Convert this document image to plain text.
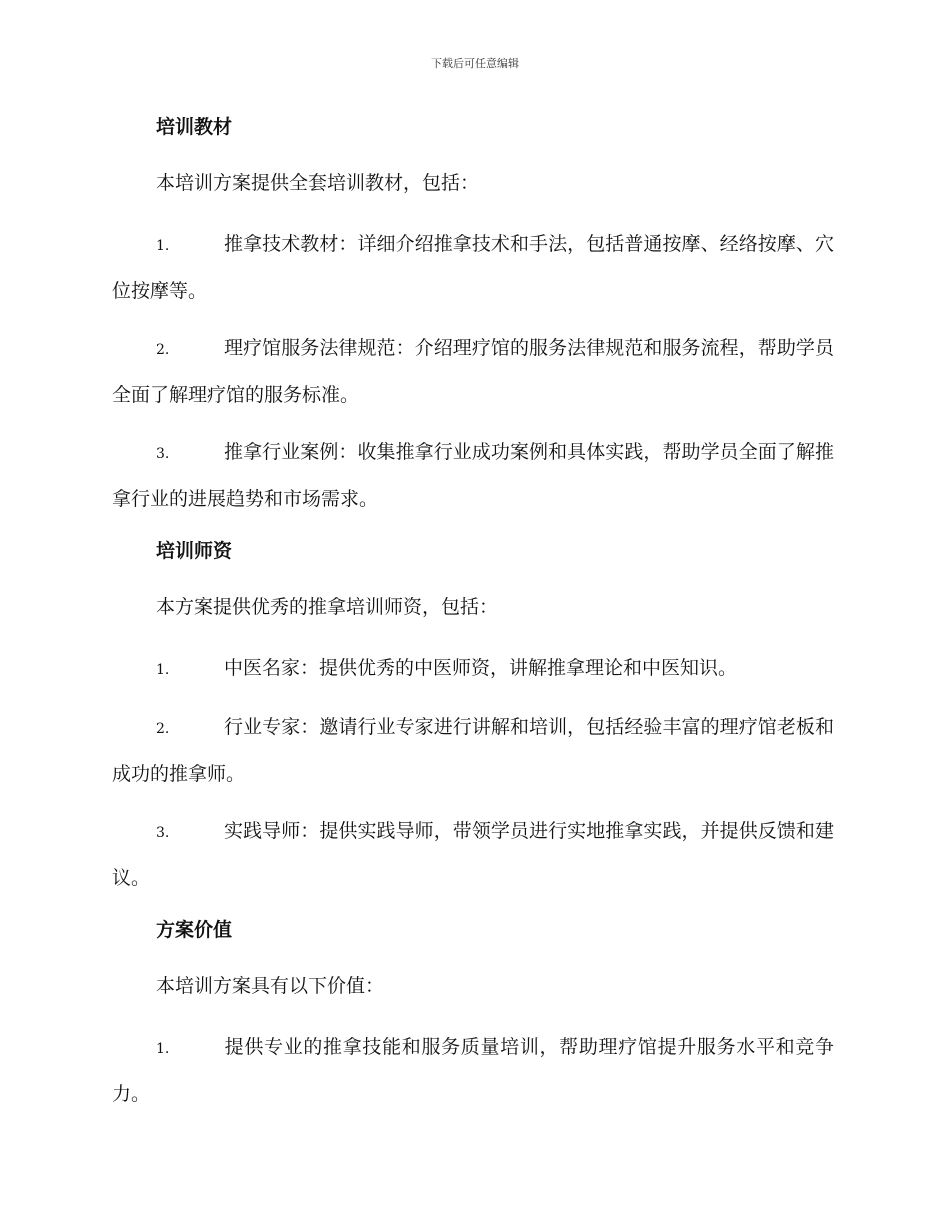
下载后可任意编辑
培训教材
本培训方案提供全套培训教材，包括：
1.	推拿技术教材：详细介绍推拿技术和手法，包括普通按摩、经络按摩、穴位按摩等。
2.	理疗馆服务法律规范：介绍理疗馆的服务法律规范和服务流程，帮助学员全面了解理疗馆的服务标准。
3.	推拿行业案例：收集推拿行业成功案例和具体实践，帮助学员全面了解推拿行业的进展趋势和市场需求。
培训师资
本方案提供优秀的推拿培训师资，包括：
1.	中医名家：提供优秀的中医师资，讲解推拿理论和中医知识。
2.	行业专家：邀请行业专家进行讲解和培训，包括经验丰富的理疗馆老板和成功的推拿师。
3.	实践导师：提供实践导师，带领学员进行实地推拿实践，并提供反馈和建议。
方案价值
本培训方案具有以下价值：
1.	提供专业的推拿技能和服务质量培训，帮助理疗馆提升服务水平和竞争力。
